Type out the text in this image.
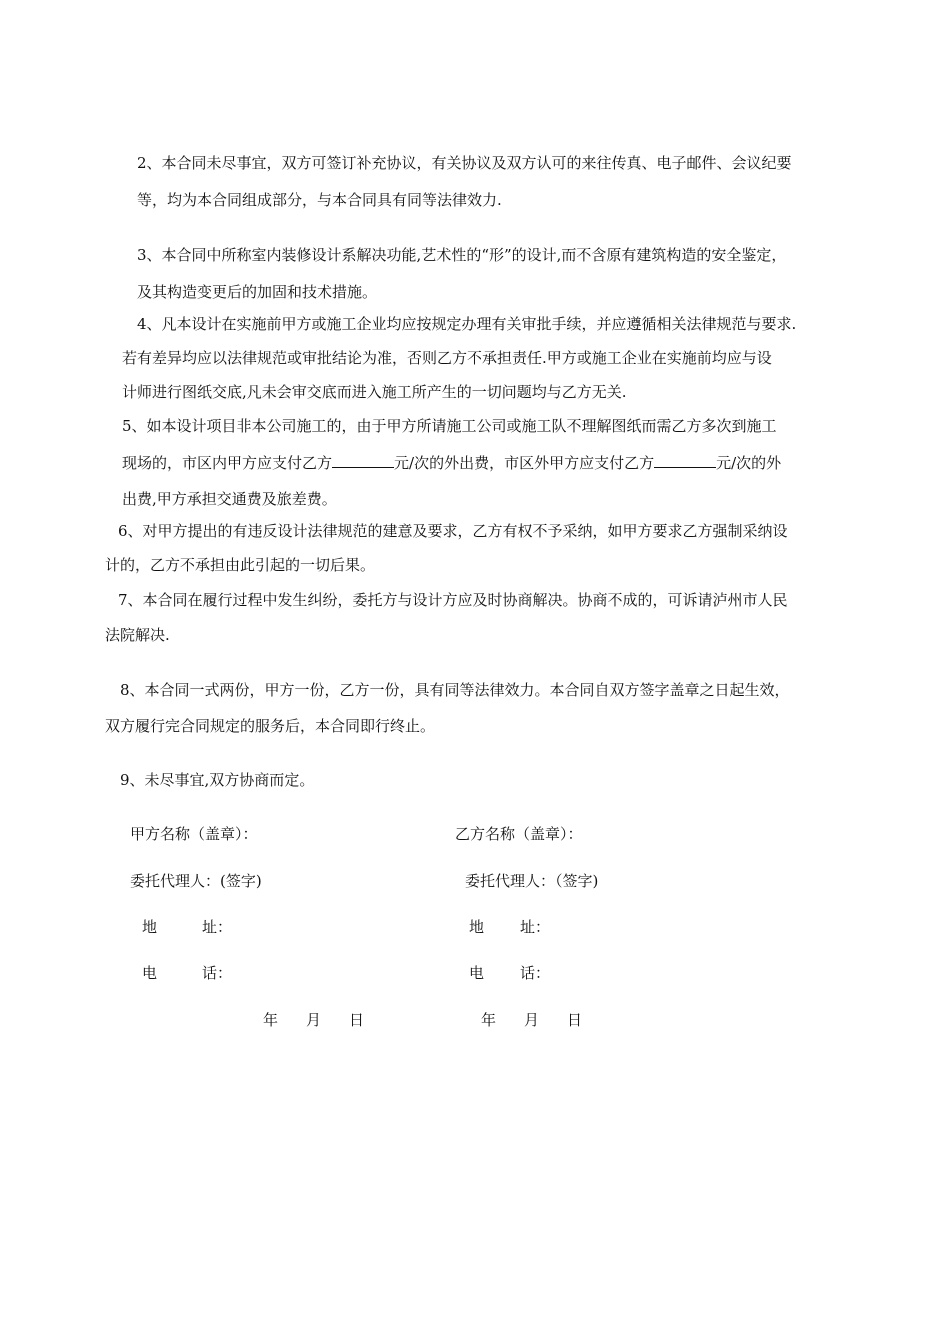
2、本合同未尽事宜，双方可签订补充协议，有关协议及双方认可的来往传真、电子邮件、会议纪要
等，均为本合同组成部分，与本合同具有同等法律效力.
3、本合同中所称室内装修设计系解决功能,艺术性的“形”的设计,而不含原有建筑构造的安全鉴定，
及其构造变更后的加固和技术措施。
4、凡本设计在实施前甲方或施工企业均应按规定办理有关审批手续，并应遵循相关法律规范与要求.
若有差异均应以法律规范或审批结论为准，否则乙方不承担责任.甲方或施工企业在实施前均应与设
计师进行图纸交底,凡未会审交底而进入施工所产生的一切问题均与乙方无关.
5、如本设计项目非本公司施工的，由于甲方所请施工公司或施工队不理解图纸而需乙方多次到施工
现场的，市区内甲方应支付乙方	元/次的外出费，市区外甲方应支付乙方	元/次的外
出费,甲方承担交通费及旅差费。
6、对甲方提出的有违反设计法律规范的建意及要求，乙方有权不予采纳，如甲方要求乙方强制采纳设
计的，乙方不承担由此引起的一切后果。
7、本合同在履行过程中发生纠纷，委托方与设计方应及时协商解决。协商不成的，可诉请泸州市人民
法院解决.
8、本合同一式两份，甲方一份，乙方一份，具有同等法律效力。本合同自双方签字盖章之日起生效，
双方履行完合同规定的服务后，本合同即行终止。
9、未尽事宜,双方协商而定。
甲方名称（盖章）：
委托代理人：(签字)
地	址：
电	话：
年 月 日
乙方名称（盖章）：
委托代理人：（签字)
地 址：
电 话：
年 月 日
